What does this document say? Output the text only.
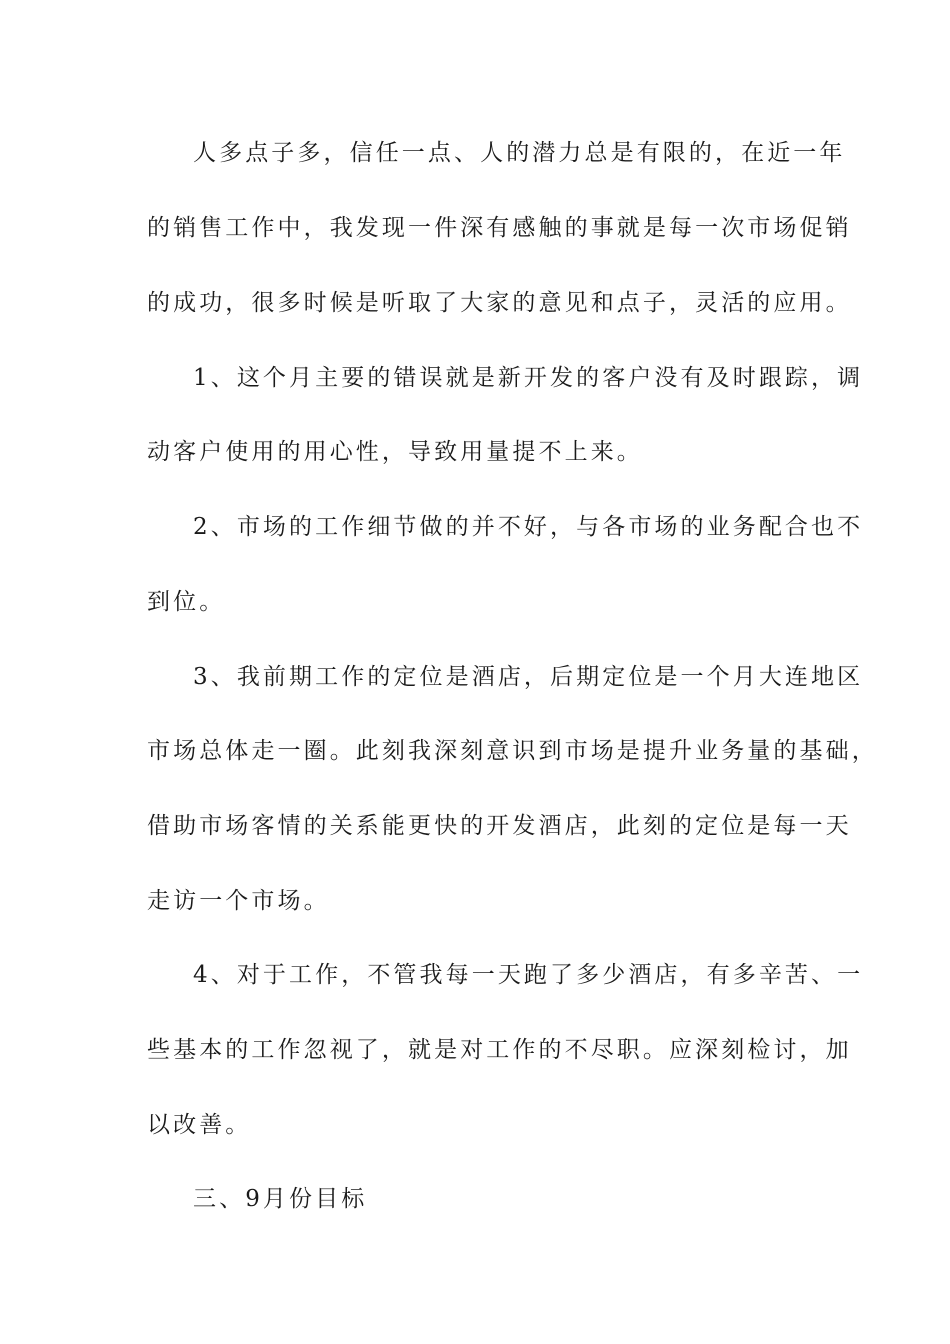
人多点子多，信任一点、人的潜力总是有限的，在近一年
的销售工作中，我发现一件深有感触的事就是每一次市场促销
的成功，很多时候是听取了大家的意见和点子，灵活的应用。
1、这个月主要的错误就是新开发的客户没有及时跟踪，调
动客户使用的用心性，导致用量提不上来。
2、市场的工作细节做的并不好，与各市场的业务配合也不
到位。
3、我前期工作的定位是酒店，后期定位是一个月大连地区
市场总体走一圈。此刻我深刻意识到市场是提升业务量的基础，
借助市场客情的关系能更快的开发酒店，此刻的定位是每一天
走访一个市场。
4、对于工作，不管我每一天跑了多少酒店，有多辛苦、一
些基本的工作忽视了，就是对工作的不尽职。应深刻检讨，加
以改善。
三、9月份目标
